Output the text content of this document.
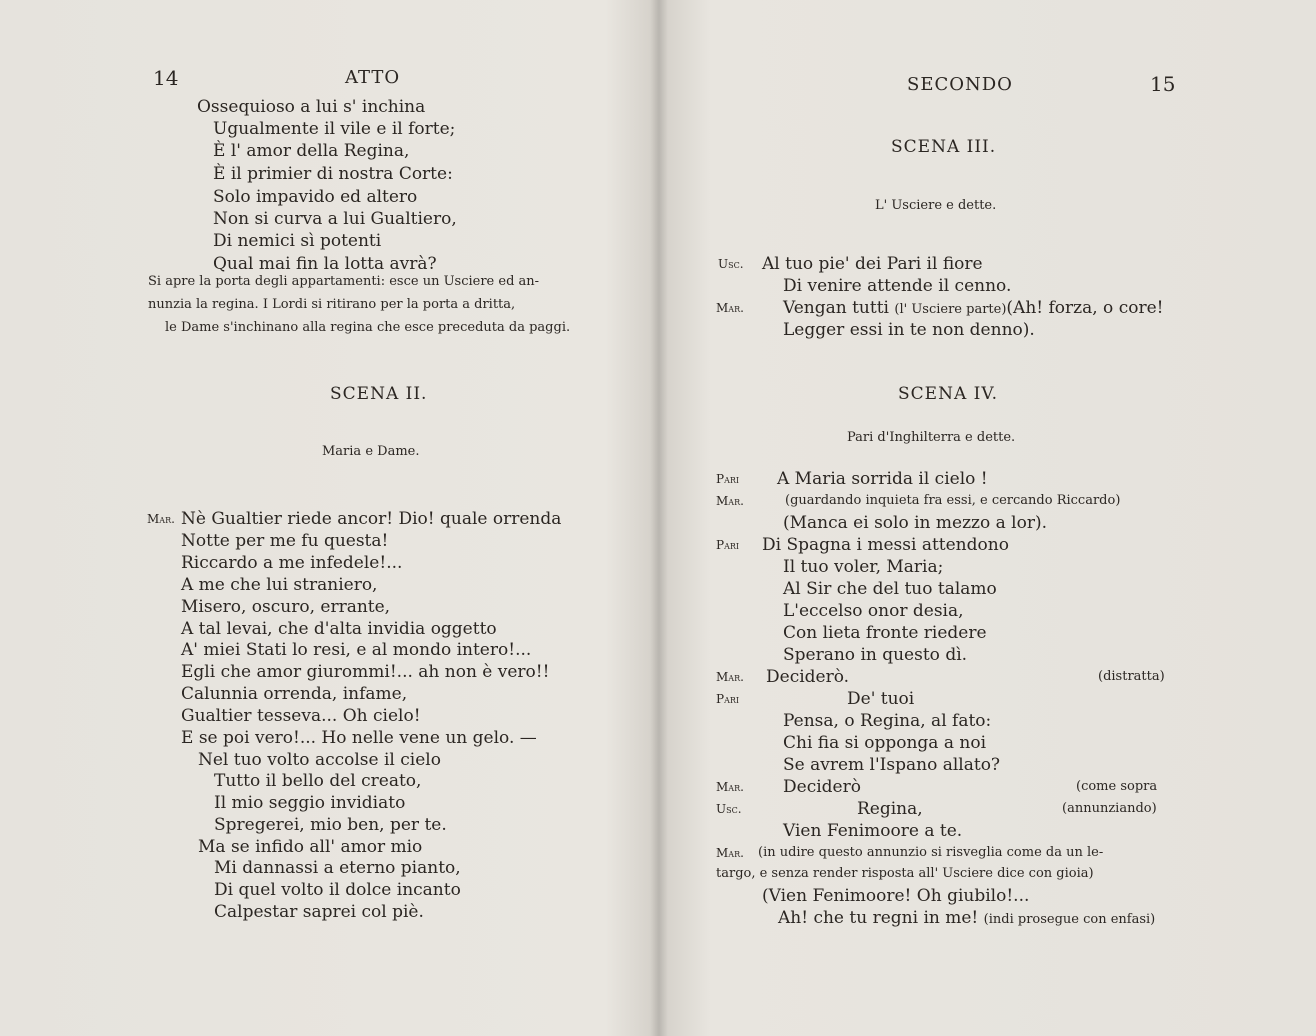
14	ATTO
Ossequioso a lui s' inchina
Ugualmente il vile e il forte;
È l' amor della Regina,
È il primier di nostra Corte:
Solo impavido ed altero
Non si curva a lui Gualtiero,
Di nemici sì potenti
Qual mai fin la lotta avrà?
Si apre la porta degli appartamenti: esce un Usciere ed an-
nunzia la regina. I Lordi si ritirano per la porta a dritta,
le Dame s'inchinano alla regina che esce preceduta da paggi.
SCENA II.
Maria e Dame.
Mar. Nè Gualtier riede ancor! Dio! quale orrenda
Notte per me fu questa!
Riccardo a me infedele!...
A me che lui straniero,
Misero, oscuro, errante,
A tal levai, che d'alta invidia oggetto
A' miei Stati lo resi, e al mondo intero!...
Egli che amor giurommi!... ah non è vero!!
Calunnia orrenda, infame,
Gualtier tesseva... Oh cielo!
E se poi vero!... Ho nelle vene un gelo. —
Nel tuo volto accolse il cielo
Tutto il bello del creato,
Il mio seggio invidiato
Spregerei, mio ben, per te.
Ma se infido all' amor mio
Mi dannassi a eterno pianto,
Di quel volto il dolce incanto
Calpestar saprei col piè.
SECONDO	15
SCENA III.
L' Usciere e dette.
Usc. Al tuo pie' dei Pari il fiore
Di venire attende il cenno.
Mar. Vengan tutti (l' Usciere parte)(Ah! forza, o core!
Legger essi in te non denno).
SCENA IV.
Pari d'Inghilterra e dette.
Pari A Maria sorrida il cielo !
Mar.	(guardando inquieta fra essi, e cercando Riccardo)
(Manca ei solo in mezzo a lor).
Pari Di Spagna i messi attendono
Il tuo voler, Maria;
Al Sir che del tuo talamo
L'eccelso onor desia,
Con lieta fronte riedere
Sperano in questo dì.
Mar. Deciderò.	(distratta)
Pari	De' tuoi
Pensa, o Regina, al fato:
Chi fia si opponga a noi
Se avrem l'Ispano allato?
Mar. Deciderò	(come sopra
Usc.	Regina,	(annunziando)
Vien Fenimoore a te.
Mar. (in udire questo annunzio si risveglia come da un le-
targo, e senza render risposta all' Usciere dice con gioia)
(Vien Fenimoore! Oh giubilo!...
Ah! che tu regni in me! (indi prosegue con enfasi)
